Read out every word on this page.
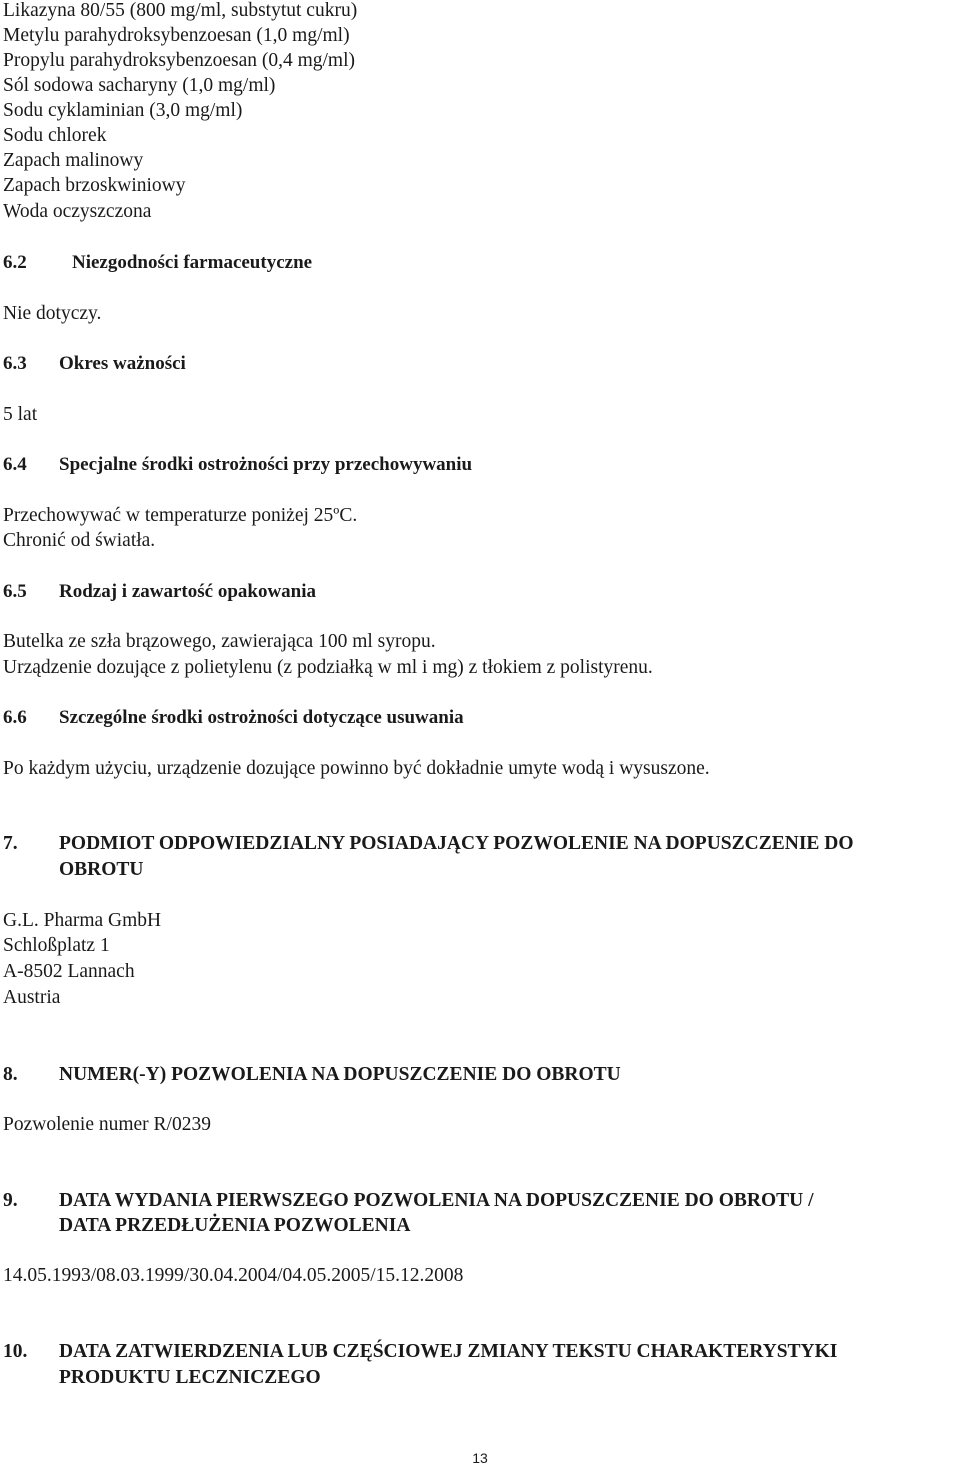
Likazyna 80/55 (800 mg/ml, substytut cukru)
Metylu parahydroksybenzoesan (1,0 mg/ml)
Propylu parahydroksybenzoesan (0,4 mg/ml)
Sól sodowa sacharyny (1,0 mg/ml)
Sodu cyklaminian (3,0 mg/ml)
Sodu chlorek
Zapach malinowy
Zapach brzoskwiniowy
Woda oczyszczona
6.2 Niezgodności farmaceutyczne
Nie dotyczy.
6.3 Okres ważności
5 lat
6.4 Specjalne środki ostrożności przy przechowywaniu
Przechowywać w temperaturze poniżej 25ºC.
Chronić od światła.
6.5 Rodzaj i zawartość opakowania
Butelka ze szła brązowego, zawierająca 100 ml syropu.
Urządzenie dozujące z polietylenu (z podziałką w ml i mg) z tłokiem z polistyrenu.
6.6 Szczególne środki ostrożności dotyczące usuwania
Po każdym użyciu, urządzenie dozujące powinno być dokładnie umyte wodą i wysuszone.
7. PODMIOT ODPOWIEDZIALNY POSIADAJĄCY POZWOLENIE NA DOPUSZCZENIE DO
OBROTU
G.L. Pharma GmbH
Schloßplatz 1
A-8502 Lannach
Austria
8. NUMER(-Y) POZWOLENIA NA DOPUSZCZENIE DO OBROTU
Pozwolenie numer R/0239
9. DATA WYDANIA PIERWSZEGO POZWOLENIA NA DOPUSZCZENIE DO OBROTU /
DATA PRZEDŁUŻENIA POZWOLENIA
14.05.1993/08.03.1999/30.04.2004/04.05.2005/15.12.2008
10. DATA ZATWIERDZENIA LUB CZĘŚCIOWEJ ZMIANY TEKSTU CHARAKTERYSTYKI
PRODUKTU LECZNICZEGO
13
